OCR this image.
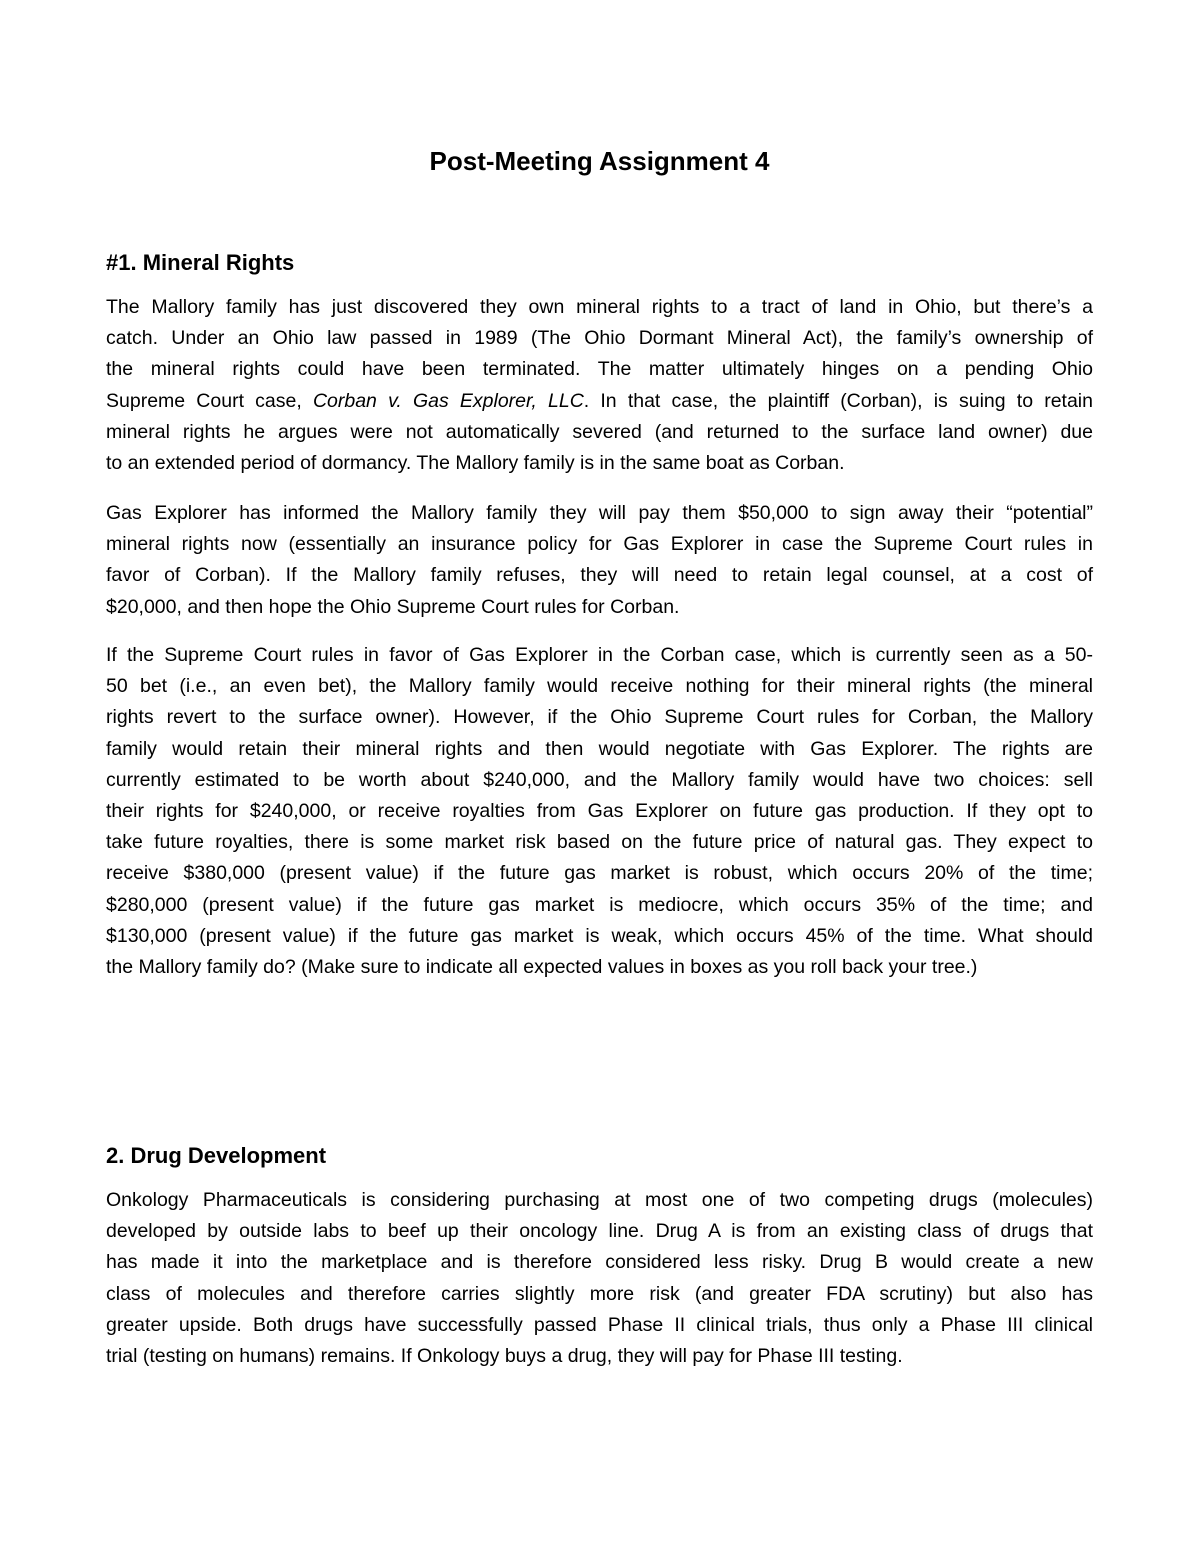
Post-Meeting Assignment 4
#1. Mineral Rights

The Mallory family has just discovered they own mineral rights to a tract of land in Ohio, but there’s a
catch. Under an Ohio law passed in 1989 (The Ohio Dormant Mineral Act), the family’s ownership of
the mineral rights could have been terminated. The matter ultimately hinges on a pending Ohio
Supreme Court case, Corban v. Gas Explorer, LLC. In that case, the plaintiff (Corban), is suing to retain
mineral rights he argues were not automatically severed (and returned to the surface land owner) due
to an extended period of dormancy. The Mallory family is in the same boat as Corban.

Gas Explorer has informed the Mallory family they will pay them $50,000 to sign away their “potential”
mineral rights now (essentially an insurance policy for Gas Explorer in case the Supreme Court rules in
favor of Corban). If the Mallory family refuses, they will need to retain legal counsel, at a cost of
$20,000, and then hope the Ohio Supreme Court rules for Corban.

If the Supreme Court rules in favor of Gas Explorer in the Corban case, which is currently seen as a 50-
50 bet (i.e., an even bet), the Mallory family would receive nothing for their mineral rights (the mineral
rights revert to the surface owner). However, if the Ohio Supreme Court rules for Corban, the Mallory
family would retain their mineral rights and then would negotiate with Gas Explorer. The rights are
currently estimated to be worth about $240,000, and the Mallory family would have two choices: sell
their rights for $240,000, or receive royalties from Gas Explorer on future gas production. If they opt to
take future royalties, there is some market risk based on the future price of natural gas. They expect to
receive $380,000 (present value) if the future gas market is robust, which occurs 20% of the time;
$280,000 (present value) if the future gas market is mediocre, which occurs 35% of the time; and
$130,000 (present value) if the future gas market is weak, which occurs 45% of the time. What should
the Mallory family do? (Make sure to indicate all expected values in boxes as you roll back your tree.)

2. Drug Development

Onkology Pharmaceuticals is considering purchasing at most one of two competing drugs (molecules)
developed by outside labs to beef up their oncology line. Drug A is from an existing class of drugs that
has made it into the marketplace and is therefore considered less risky. Drug B would create a new
class of molecules and therefore carries slightly more risk (and greater FDA scrutiny) but also has
greater upside. Both drugs have successfully passed Phase II clinical trials, thus only a Phase III clinical
trial (testing on humans) remains. If Onkology buys a drug, they will pay for Phase III testing.
